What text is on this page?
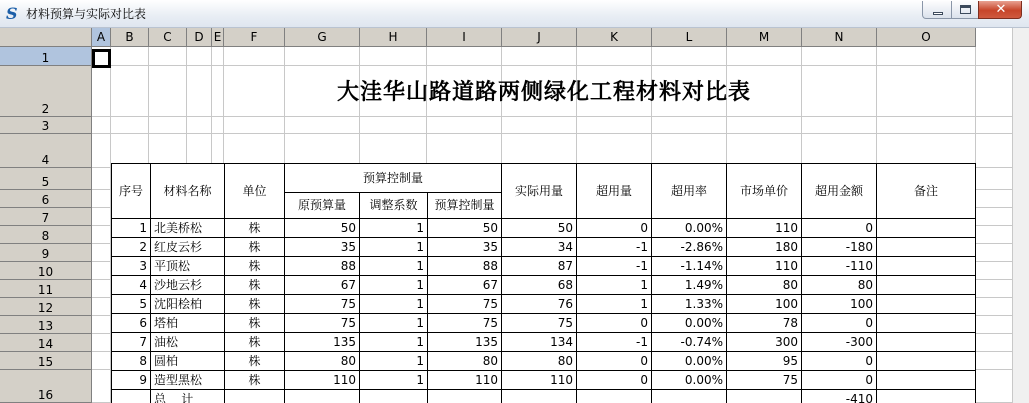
S 材料预算与实际对比表	✕
A	B	C	D E	F	G	H	I	J	K	L	M	N	O
1
2
3
4
5
6
7
8
9
10
11
12
13
14
15
16
大洼华山路道路两侧绿化工程材料对比表
序号	材料名称	单位	预算控制量			实际用量	超用量	超用率	市场单价	超用金额	备注
			原预算量	调整系数	预算控制量						
1	北美桥松	株	50	1	50	50	0	0.00%	110	0	
2	红皮云杉	株	35	1	35	34	-1	-2.86%	180	-180	
3	平顶松	株	88	1	88	87	-1	-1.14%	110	-110	
4	沙地云杉	株	67	1	67	68	1	1.49%	80	80	
5	沈阳桧柏	株	75	1	75	76	1	1.33%	100	100	
6	塔柏	株	75	1	75	75	0	0.00%	78	0	
7	油松	株	135	1	135	134	-1	-0.74%	300	-300	
8	圆柏	株	80	1	80	80	0	0.00%	95	0	
9	造型黑松	株	110	1	110	110	0	0.00%	75	0	
	总    计									-410	
